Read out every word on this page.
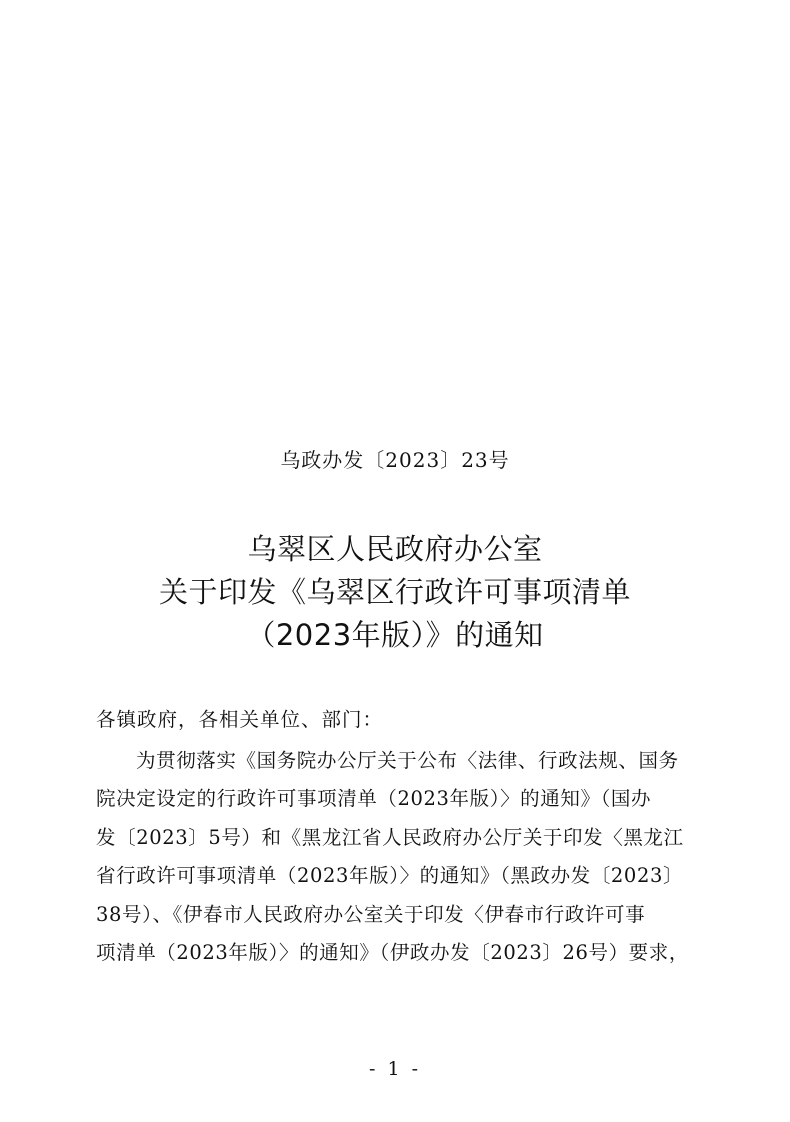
乌政办发〔2023〕23号
乌翠区人民政府办公室
关于印发《乌翠区行政许可事项清单
（2023年版）》的通知
各镇政府，各相关单位、部门：
为贯彻落实《国务院办公厅关于公布〈法律、行政法规、国务
院决定设定的行政许可事项清单（2023年版）〉的通知》（国办
发〔2023〕5号）和《黑龙江省人民政府办公厅关于印发〈黑龙江
省行政许可事项清单（2023年版）〉的通知》（黑政办发〔2023〕
38号）、《伊春市人民政府办公室关于印发〈伊春市行政许可事
项清单（2023年版）〉的通知》（伊政办发〔2023〕26号）要求，
- 1 -
